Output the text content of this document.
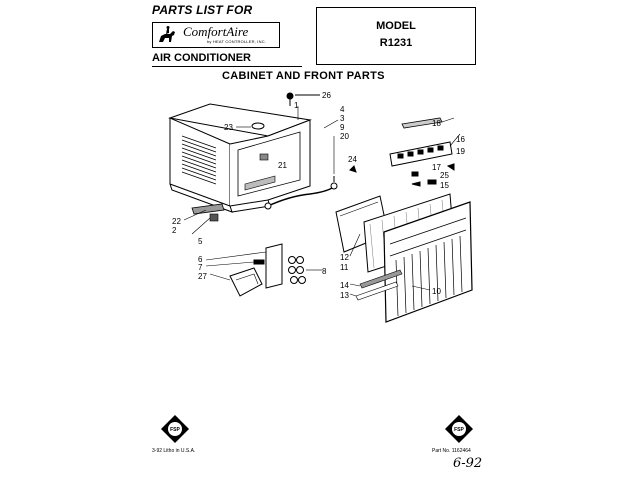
PARTS LIST FOR
ComfortAire
by HEAT CONTROLLER, INC.
AIR CONDITIONER
MODEL
R1231
CABINET AND FRONT PARTS
26
1
23
21
4
3
9
20
18
16
19
24
17
25
15
22
2
5
6
7	8
27
12
11
14
13	10
FSP
3-92 Litho in U.S.A.
FSP
Part No. 1162464
6-92
